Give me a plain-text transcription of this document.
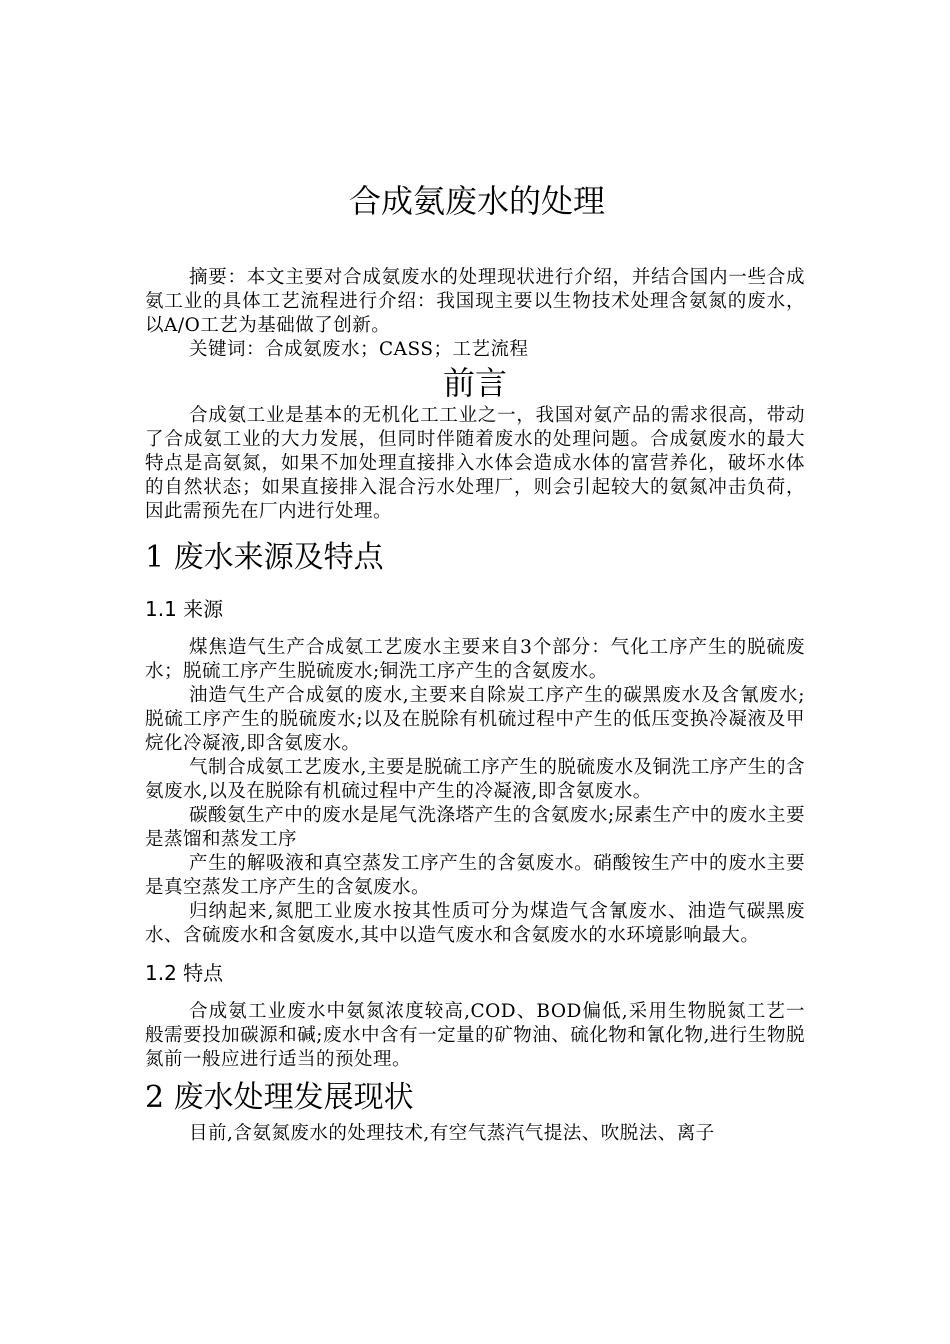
合成氨废水的处理

摘要：本文主要对合成氨废水的处理现状进行介绍，并结合国内一些合成氨工业的具体工艺流程进行介绍：我国现主要以生物技术处理含氨氮的废水，以A/O工艺为基础做了创新。

关键词：合成氨废水；CASS；工艺流程

前言

合成氨工业是基本的无机化工工业之一，我国对氨产品的需求很高，带动了合成氨工业的大力发展，但同时伴随着废水的处理问题。合成氨废水的最大特点是高氨氮，如果不加处理直接排入水体会造成水体的富营养化，破坏水体的自然状态；如果直接排入混合污水处理厂，则会引起较大的氨氮冲击负荷，因此需预先在厂内进行处理。

1 废水来源及特点
1.1 来源

煤焦造气生产合成氨工艺废水主要来自3个部分：气化工序产生的脱硫废水；脱硫工序产生脱硫废水;铜洗工序产生的含氨废水。

油造气生产合成氨的废水,主要来自除炭工序产生的碳黑废水及含氰废水;脱硫工序产生的脱硫废水;以及在脱除有机硫过程中产生的低压变换冷凝液及甲烷化冷凝液,即含氨废水。

气制合成氨工艺废水,主要是脱硫工序产生的脱硫废水及铜洗工序产生的含氨废水,以及在脱除有机硫过程中产生的冷凝液,即含氨废水。

碳酸氨生产中的废水是尾气洗涤塔产生的含氨废水;尿素生产中的废水主要是蒸馏和蒸发工序

产生的解吸液和真空蒸发工序产生的含氨废水。硝酸铵生产中的废水主要是真空蒸发工序产生的含氨废水。

归纳起来,氮肥工业废水按其性质可分为煤造气含氰废水、油造气碳黑废水、含硫废水和含氨废水,其中以造气废水和含氨废水的水环境影响最大。

1.2 特点

合成氨工业废水中氨氮浓度较高,COD、BOD偏低,采用生物脱氮工艺一般需要投加碳源和碱;废水中含有一定量的矿物油、硫化物和氰化物,进行生物脱氮前一般应进行适当的预处理。

2 废水处理发展现状

目前,含氨氮废水的处理技术,有空气蒸汽气提法、吹脱法、离子
